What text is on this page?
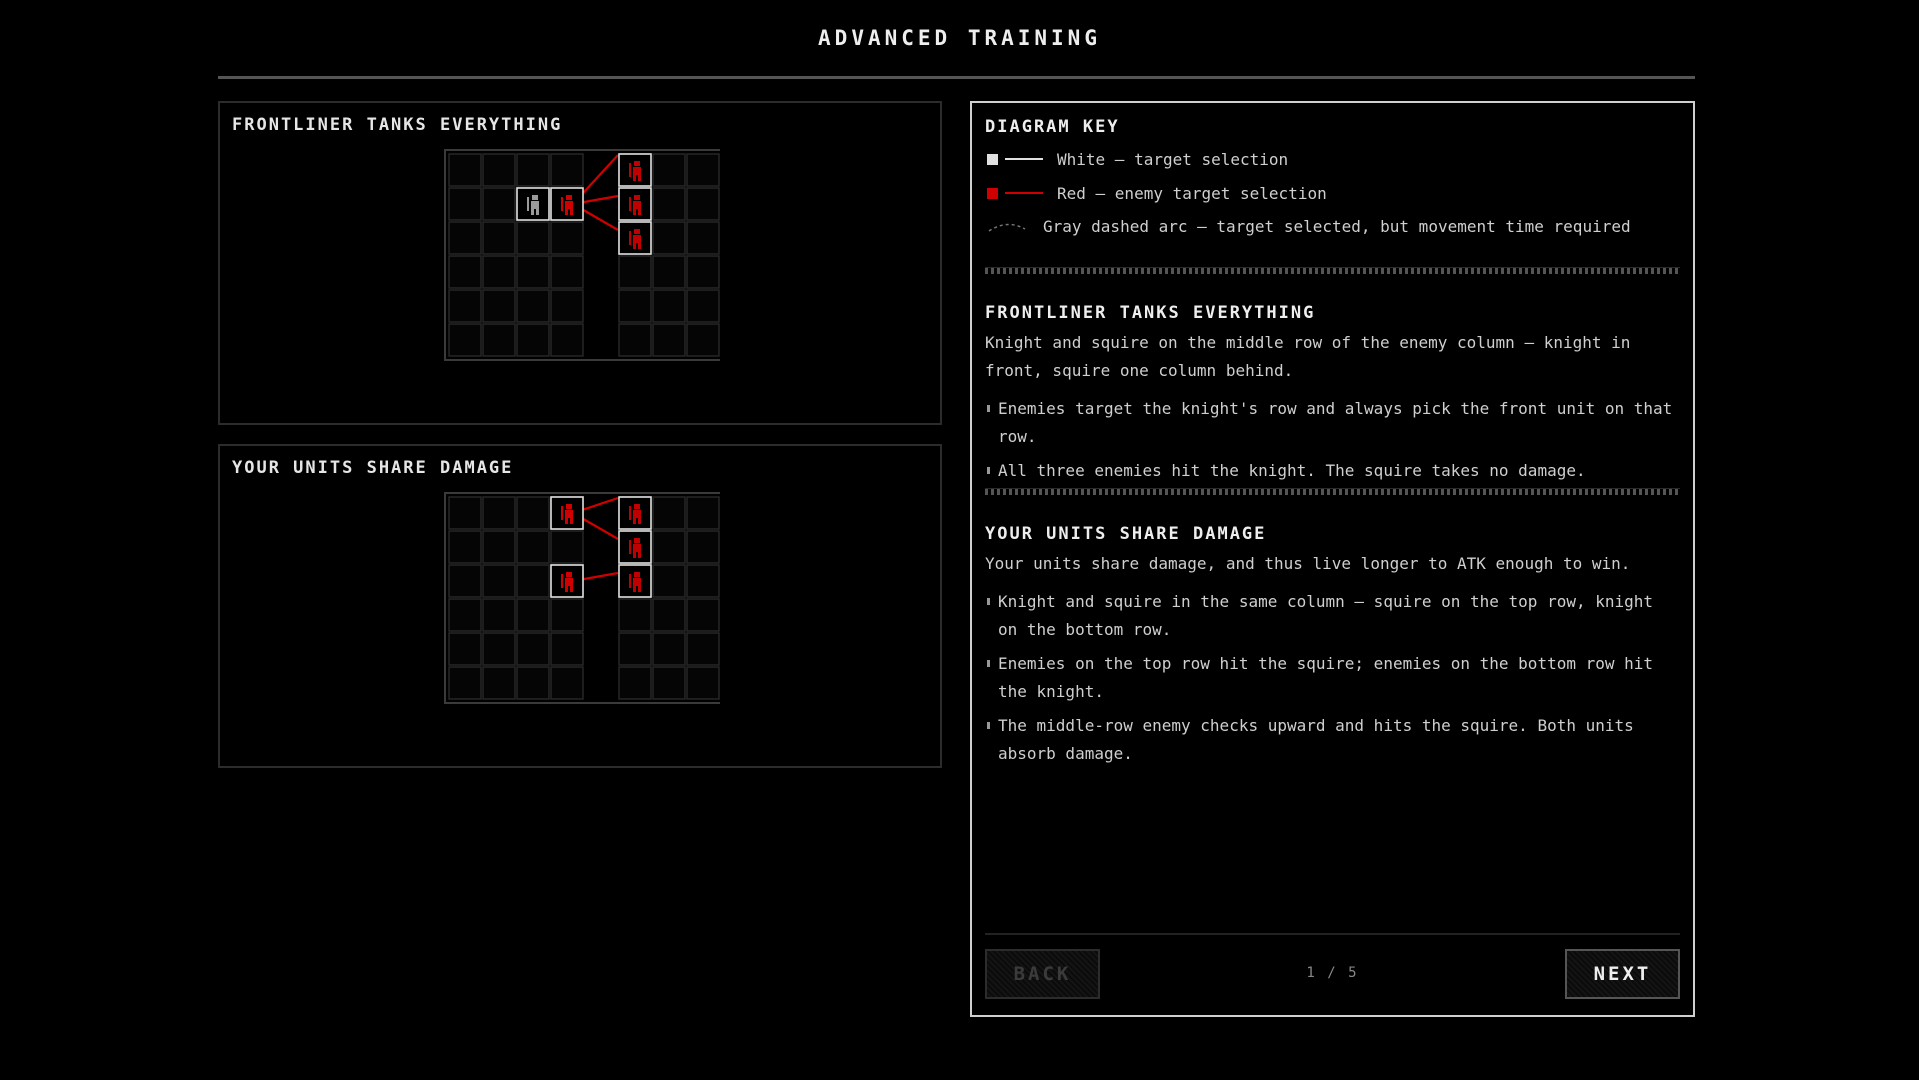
ADVANCED TRAINING
FRONTLINER TANKS EVERYTHING
YOUR UNITS SHARE DAMAGE
DIAGRAM KEY
White — target selection
Red — enemy target selection
Gray dashed arc — target selected, but movement time required
FRONTLINER TANKS EVERYTHING
Knight and squire on the middle row of the enemy column — knight in front, squire one column behind.
Enemies target the knight's row and always pick the front unit on that row.
All three enemies hit the knight. The squire takes no damage.
YOUR UNITS SHARE DAMAGE
Your units share damage, and thus live longer to ATK enough to win.
Knight and squire in the same column — squire on the top row, knight on the bottom row.
Enemies on the top row hit the squire; enemies on the bottom row hit the knight.
The middle-row enemy checks upward and hits the squire. Both units absorb damage.
BACK	1 / 5	NEXT
